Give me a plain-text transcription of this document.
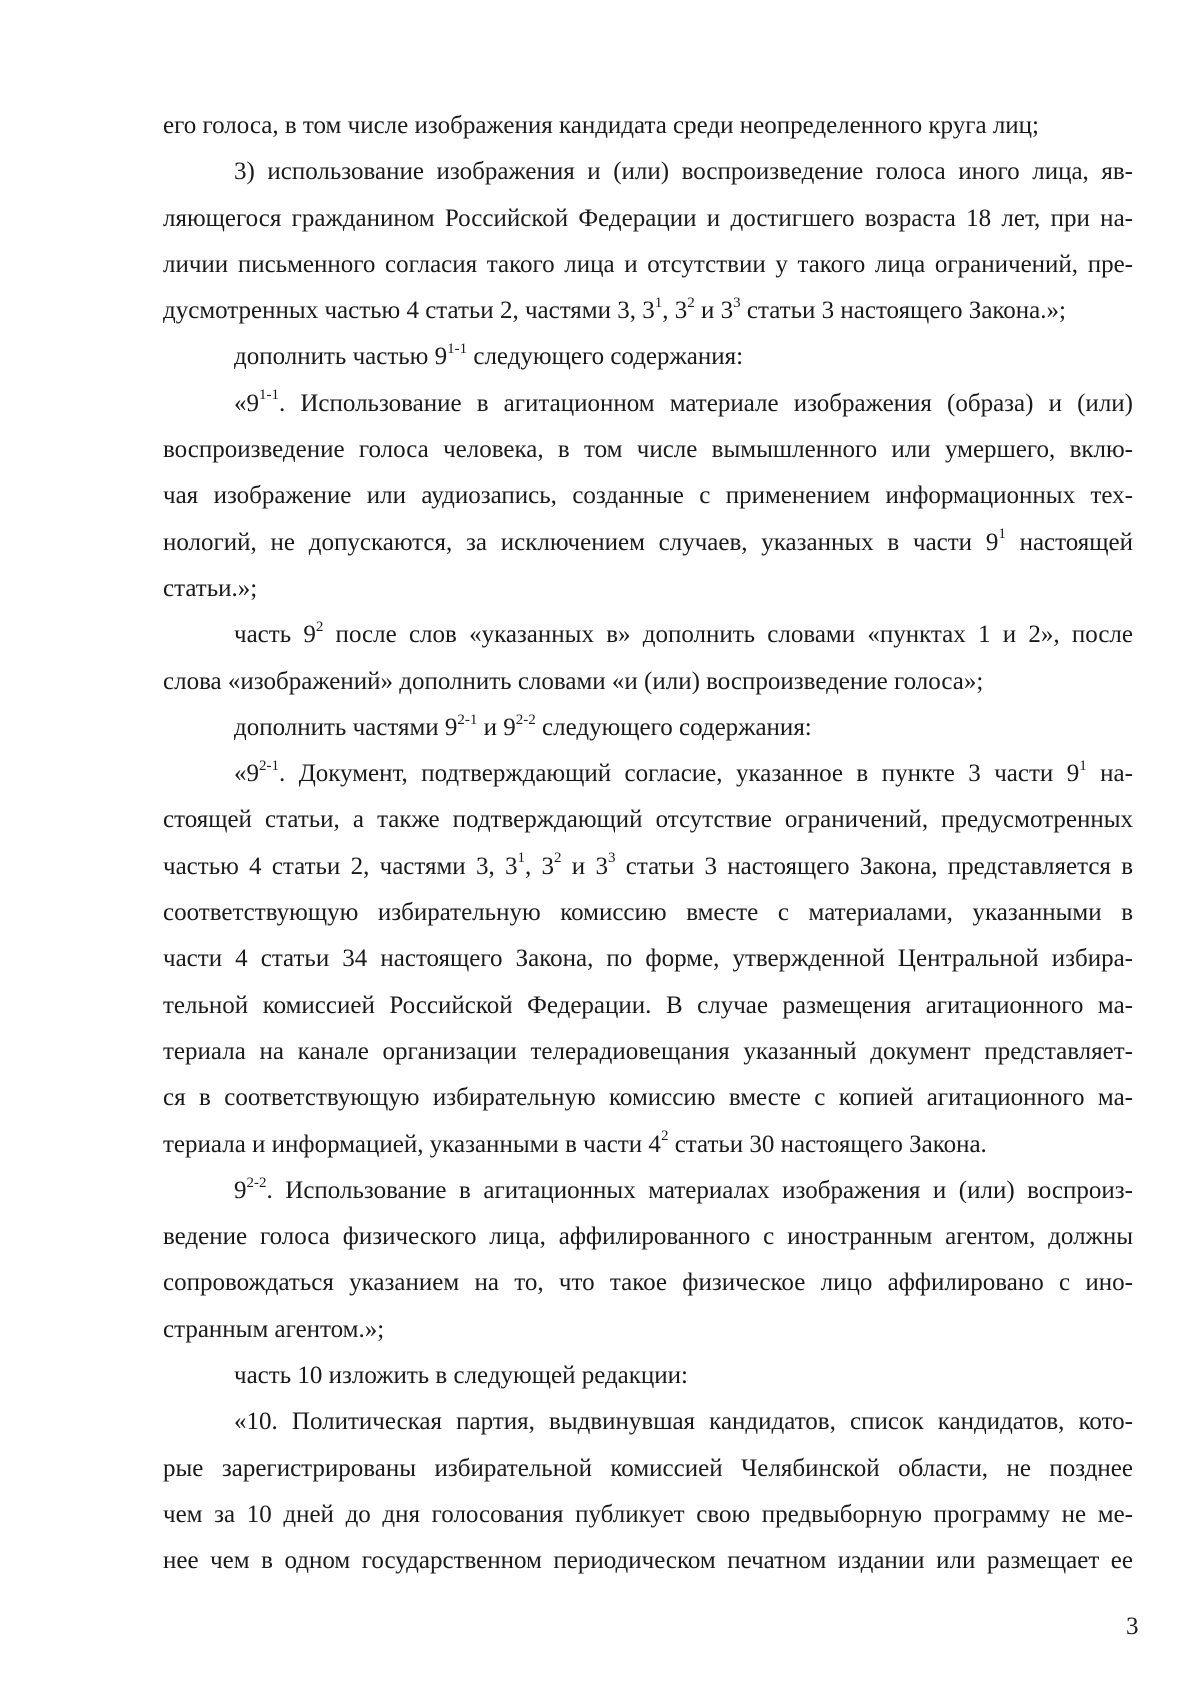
его голоса, в том числе изображения кандидата среди неопределенного круга лиц;
3) использование изображения и (или) воспроизведение голоса иного лица, яв-
ляющегося гражданином Российской Федерации и достигшего возраста 18 лет, при на-
личии письменного согласия такого лица и отсутствии у такого лица ограничений, пре-
дусмотренных частью 4 статьи 2, частями 3, $3^1$, $3^2$ и $3^3$ статьи 3 настоящего Закона.»;
дополнить частью 9$^{1-1}$ следующего содержания:
«9$^{1-1}$. Использование в агитационном материале изображения (образа) и (или)
воспроизведение голоса человека, в том числе вымышленного или умершего, вклю-
чая изображение или аудиозапись, созданные с применением информационных тех-
нологий, не допускаются, за исключением случаев, указанных в части $9^1$ настоящей
статьи.»;
часть $9^2$ после слов «указанных в» дополнить словами «пунктах 1 и 2», после
слова «изображений» дополнить словами «и (или) воспроизведение голоса»;
дополнить частями 9$^{2-1}$ и 9$^{2-2}$ следующего содержания:
«9$^{2-1}$. Документ, подтверждающий согласие, указанное в пункте 3 части $9^1$ на-
стоящей статьи, а также подтверждающий отсутствие ограничений, предусмотренных
частью 4 статьи 2, частями 3, $3^1$, $3^2$ и $3^3$ статьи 3 настоящего Закона, представляется в
соответствующую избирательную комиссию вместе с материалами, указанными в
части 4 статьи 34 настоящего Закона, по форме, утвержденной Центральной избира-
тельной комиссией Российской Федерации. В случае размещения агитационного ма-
териала на канале организации телерадиовещания указанный документ представляет-
ся в соответствующую избирательную комиссию вместе с копией агитационного ма-
териала и информацией, указанными в части $4^2$ статьи 30 настоящего Закона.
9$^{2-2}$. Использование в агитационных материалах изображения и (или) воспроиз-
ведение голоса физического лица, аффилированного с иностранным агентом, должны
сопровождаться указанием на то, что такое физическое лицо аффилировано с ино-
странным агентом.»;
часть 10 изложить в следующей редакции:
«10. Политическая партия, выдвинувшая кандидатов, список кандидатов, кото-
рые зарегистрированы избирательной комиссией Челябинской области, не позднее
чем за 10 дней до дня голосования публикует свою предвыборную программу не ме-
нее чем в одном государственном периодическом печатном издании или размещает ее
3
